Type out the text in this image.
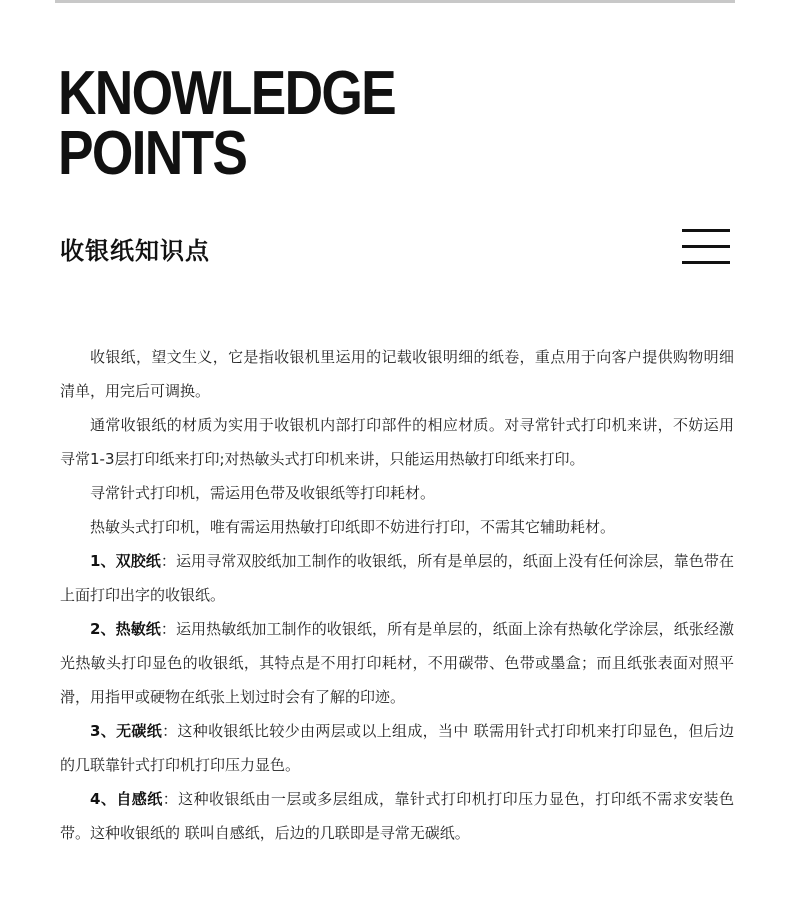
KNOWLEDGE
POINTS
收银纸知识点

收银纸，望文生义，它是指收银机里运用的记载收银明细的纸卷，重点用于向客户提供购物明细清单，用完后可调换。

通常收银纸的材质为实用于收银机内部打印部件的相应材质。对寻常针式打印机来讲，不妨运用寻常1-3层打印纸来打印;对热敏头式打印机来讲，只能运用热敏打印纸来打印。

寻常针式打印机，需运用色带及收银纸等打印耗材。

热敏头式打印机，唯有需运用热敏打印纸即不妨进行打印，不需其它辅助耗材。

1、双胶纸：运用寻常双胶纸加工制作的收银纸，所有是单层的，纸面上没有任何涂层，靠色带在上面打印出字的收银纸。

2、热敏纸：运用热敏纸加工制作的收银纸，所有是单层的，纸面上涂有热敏化学涂层，纸张经激光热敏头打印显色的收银纸，其特点是不用打印耗材，不用碳带、色带或墨盒；而且纸张表面对照平滑，用指甲或硬物在纸张上划过时会有了解的印迹。

3、无碳纸：这种收银纸比较少由两层或以上组成，当中 联需用针式打印机来打印显色，但后边的几联靠针式打印机打印压力显色。

4、自感纸：这种收银纸由一层或多层组成，靠针式打印机打印压力显色，打印纸不需求安装色带。这种收银纸的 联叫自感纸，后边的几联即是寻常无碳纸。
